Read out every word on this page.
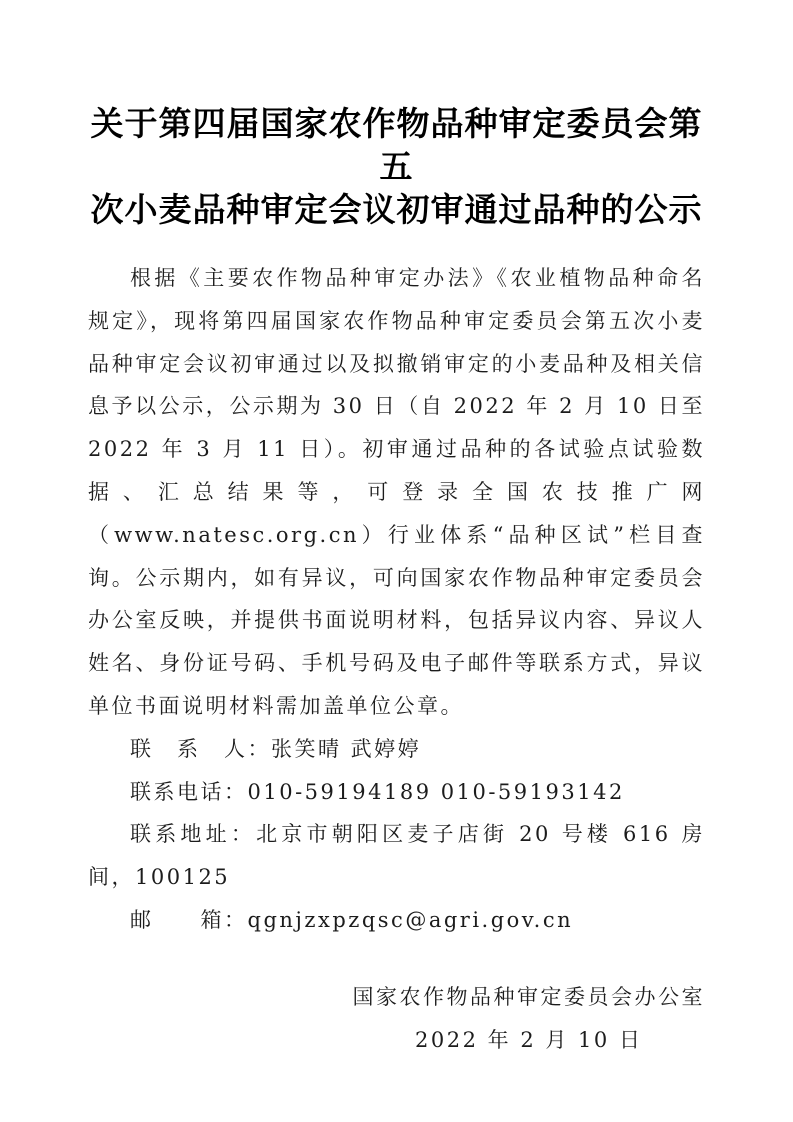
关于第四届国家农作物品种审定委员会第五
次小麦品种审定会议初审通过品种的公示

根据《主要农作物品种审定办法》《农业植物品种命名规定》，现将第四届国家农作物品种审定委员会第五次小麦品种审定会议初审通过以及拟撤销审定的小麦品种及相关信息予以公示，公示期为 30 日（自 2022 年 2 月 10 日至 2022 年 3 月 11 日）。初审通过品种的各试验点试验数据、汇总结果等，可登录全国农技推广网（www.natesc.org.cn）行业体系“品种区试”栏目查询。公示期内，如有异议，可向国家农作物品种审定委员会办公室反映，并提供书面说明材料，包括异议内容、异议人姓名、身份证号码、手机号码及电子邮件等联系方式，异议单位书面说明材料需加盖单位公章。

联　系　人：张笑晴 武婷婷

联系电话：010-59194189 010-59193142

联系地址：北京市朝阳区麦子店街 20 号楼 616 房间，100125

邮　　箱：qgnjzxpzqsc@agri.gov.cn

国家农作物品种审定委员会办公室
2022 年 2 月 10 日
